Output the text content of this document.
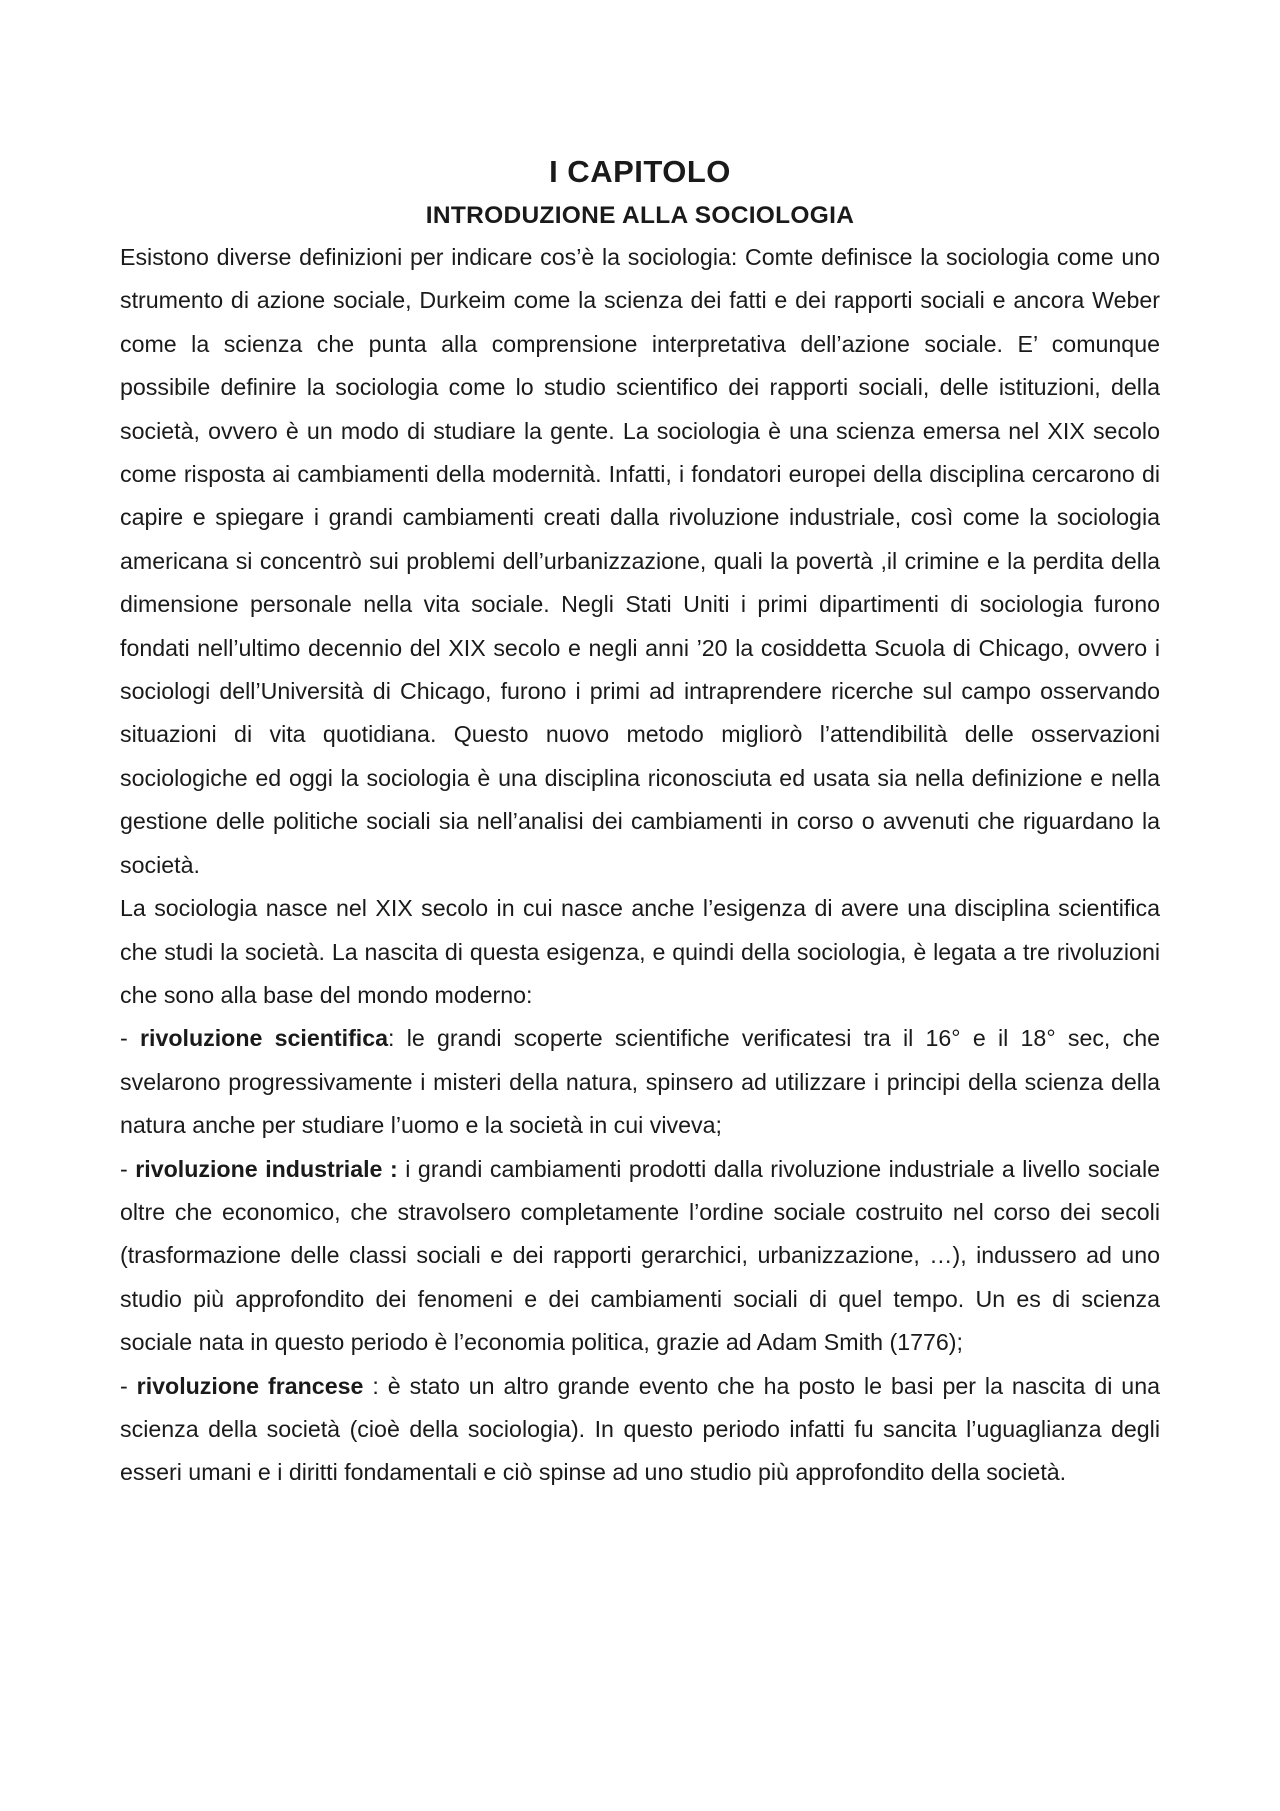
I CAPITOLO
INTRODUZIONE ALLA SOCIOLOGIA

Esistono diverse definizioni per indicare cos’è la sociologia: Comte definisce la sociologia come uno strumento di azione sociale, Durkeim come la scienza dei fatti e dei rapporti sociali e ancora Weber come la scienza che punta alla comprensione interpretativa dell’azione sociale. E’ comunque possibile definire la sociologia come lo studio scientifico dei rapporti sociali, delle istituzioni, della società, ovvero è un modo di studiare la gente. La sociologia è una scienza emersa nel XIX secolo come risposta ai cambiamenti della modernità. Infatti, i fondatori europei della disciplina cercarono di capire e spiegare i grandi cambiamenti creati dalla rivoluzione industriale, così come la sociologia americana si concentrò sui problemi dell’urbanizzazione, quali la povertà ,il crimine e la perdita della dimensione personale nella vita sociale. Negli Stati Uniti i primi dipartimenti di sociologia furono fondati nell’ultimo decennio del XIX secolo e negli anni ’20 la cosiddetta Scuola di Chicago, ovvero i sociologi dell’Università di Chicago, furono i primi ad intraprendere ricerche sul campo osservando situazioni di vita quotidiana. Questo nuovo metodo migliorò l’attendibilità delle osservazioni sociologiche ed oggi la sociologia è una disciplina riconosciuta ed usata sia nella definizione e nella gestione delle politiche sociali sia nell’analisi dei cambiamenti in corso o avvenuti che riguardano la società.

La sociologia nasce nel XIX secolo in cui nasce anche l’esigenza di avere una disciplina scientifica che studi la società. La nascita di questa esigenza, e quindi della sociologia, è legata a tre rivoluzioni che sono alla base del mondo moderno:

- rivoluzione scientifica: le grandi scoperte scientifiche verificatesi tra il 16° e il 18° sec, che svelarono progressivamente i misteri della natura, spinsero ad utilizzare i principi della scienza della natura anche per studiare l’uomo e la società in cui viveva;
- rivoluzione industriale : i grandi cambiamenti prodotti dalla rivoluzione industriale a livello sociale oltre che economico, che stravolsero completamente l’ordine sociale costruito nel corso dei secoli (trasformazione delle classi sociali e dei rapporti gerarchici, urbanizzazione, …), indussero ad uno studio più approfondito dei fenomeni e dei cambiamenti sociali di quel tempo. Un es di scienza sociale nata in questo periodo è l’economia politica, grazie ad Adam Smith (1776);
- rivoluzione francese : è stato un altro grande evento che ha posto le basi per la nascita di una scienza della società (cioè della sociologia). In questo periodo infatti fu sancita l’uguaglianza degli esseri umani e i diritti fondamentali e ciò spinse ad uno studio più approfondito della società.
